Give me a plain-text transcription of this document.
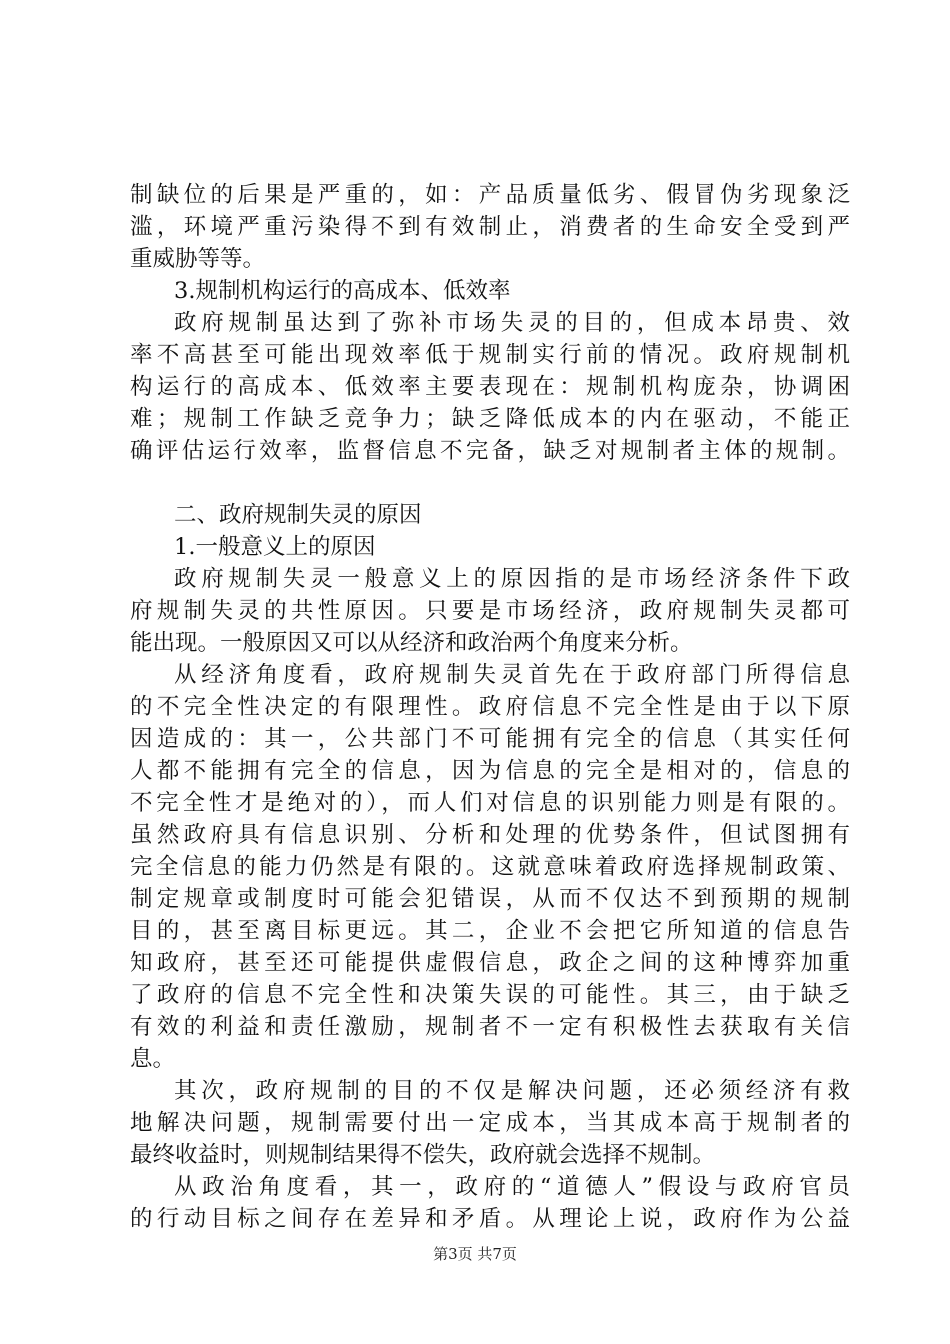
制缺位的后果是严重的，如：产品质量低劣、假冒伪劣现象泛
滥，环境严重污染得不到有效制止，消费者的生命安全受到严
重威胁等等。
3.规制机构运行的高成本、低效率
政府规制虽达到了弥补市场失灵的目的，但成本昂贵、效
率不高甚至可能出现效率低于规制实行前的情况。政府规制机
构运行的高成本、低效率主要表现在：规制机构庞杂，协调困
难；规制工作缺乏竞争力；缺乏降低成本的内在驱动，不能正
确评估运行效率，监督信息不完备，缺乏对规制者主体的规制。
二、政府规制失灵的原因
1.一般意义上的原因
政府规制失灵一般意义上的原因指的是市场经济条件下政
府规制失灵的共性原因。只要是市场经济，政府规制失灵都可
能出现。一般原因又可以从经济和政治两个角度来分析。
从经济角度看，政府规制失灵首先在于政府部门所得信息
的不完全性决定的有限理性。政府信息不完全性是由于以下原
因造成的：其一，公共部门不可能拥有完全的信息（其实任何
人都不能拥有完全的信息，因为信息的完全是相对的，信息的
不完全性才是绝对的），而人们对信息的识别能力则是有限的。
虽然政府具有信息识别、分析和处理的优势条件，但试图拥有
完全信息的能力仍然是有限的。这就意味着政府选择规制政策、
制定规章或制度时可能会犯错误，从而不仅达不到预期的规制
目的，甚至离目标更远。其二，企业不会把它所知道的信息告
知政府，甚至还可能提供虚假信息，政企之间的这种博弈加重
了政府的信息不完全性和决策失误的可能性。其三，由于缺乏
有效的利益和责任激励，规制者不一定有积极性去获取有关信
息。
其次，政府规制的目的不仅是解决问题，还必须经济有救
地解决问题，规制需要付出一定成本，当其成本高于规制者的
最终收益时，则规制结果得不偿失，政府就会选择不规制。
从政治角度看，其一，政府的“道德人”假设与政府官员
的行动目标之间存在差异和矛盾。从理论上说，政府作为公益
第3页 共7页
